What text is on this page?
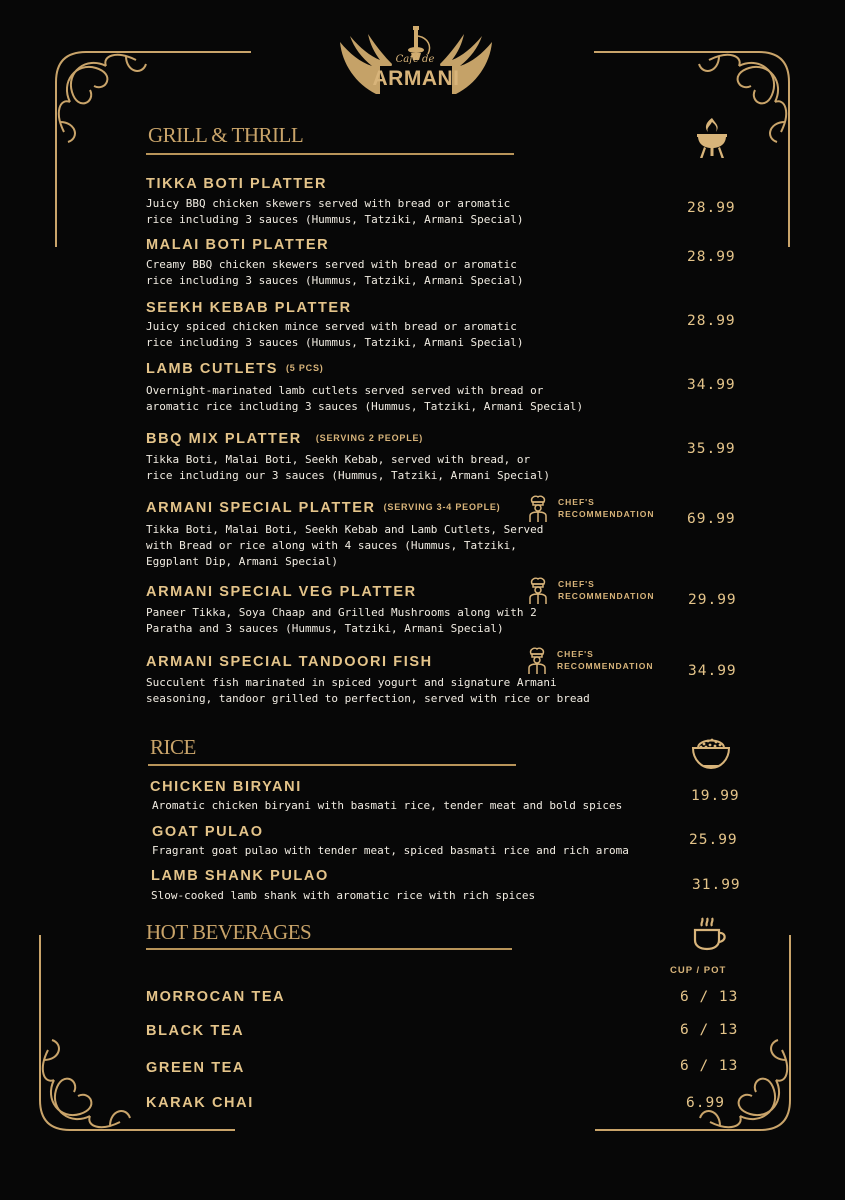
Café de
ARMANI
GRILL & THRILL
TIKKA BOTI PLATTER
Juicy BBQ chicken skewers served with bread or aromatic
rice including 3 sauces (Hummus, Tatziki, Armani Special)
28.99
MALAI BOTI PLATTER
Creamy BBQ chicken skewers served with bread or aromatic
rice including 3 sauces (Hummus, Tatziki, Armani Special)
28.99
SEEKH KEBAB PLATTER
Juicy spiced chicken mince served with bread or aromatic
rice including 3 sauces (Hummus, Tatziki, Armani Special)
28.99
LAMB CUTLETS (5 PCS)
Overnight-marinated lamb cutlets served served with bread or
aromatic rice including 3 sauces (Hummus, Tatziki, Armani Special)
34.99
BBQ MIX PLATTER (SERVING 2 PEOPLE)
Tikka Boti, Malai Boti, Seekh Kebab, served with bread, or
rice including our 3 sauces (Hummus, Tatziki, Armani Special)
35.99
ARMANI SPECIAL PLATTER (SERVING 3-4 PEOPLE)
Tikka Boti, Malai Boti, Seekh Kebab and Lamb Cutlets, Served
with Bread or rice along with 4 sauces (Hummus, Tatziki,
Eggplant Dip, Armani Special)
69.99
CHEF'S
RECOMMENDATION
ARMANI SPECIAL VEG PLATTER
Paneer Tikka, Soya Chaap and Grilled Mushrooms along with 2
Paratha and 3 sauces (Hummus, Tatziki, Armani Special)
29.99
CHEF'S
RECOMMENDATION
ARMANI SPECIAL TANDOORI FISH
Succulent fish marinated in spiced yogurt and signature Armani
seasoning, tandoor grilled to perfection, served with rice or bread
34.99
CHEF'S
RECOMMENDATION
RICE
CHICKEN BIRYANI
Aromatic chicken biryani with basmati rice, tender meat and bold spices
19.99
GOAT PULAO
Fragrant goat pulao with tender meat, spiced basmati rice and rich aroma
25.99
LAMB SHANK PULAO
Slow-cooked lamb shank with aromatic rice with rich spices
31.99
HOT BEVERAGES
CUP / POT
MORROCAN TEA	6 / 13
BLACK TEA	6 / 13
GREEN TEA	6 / 13
KARAK CHAI	6.99
